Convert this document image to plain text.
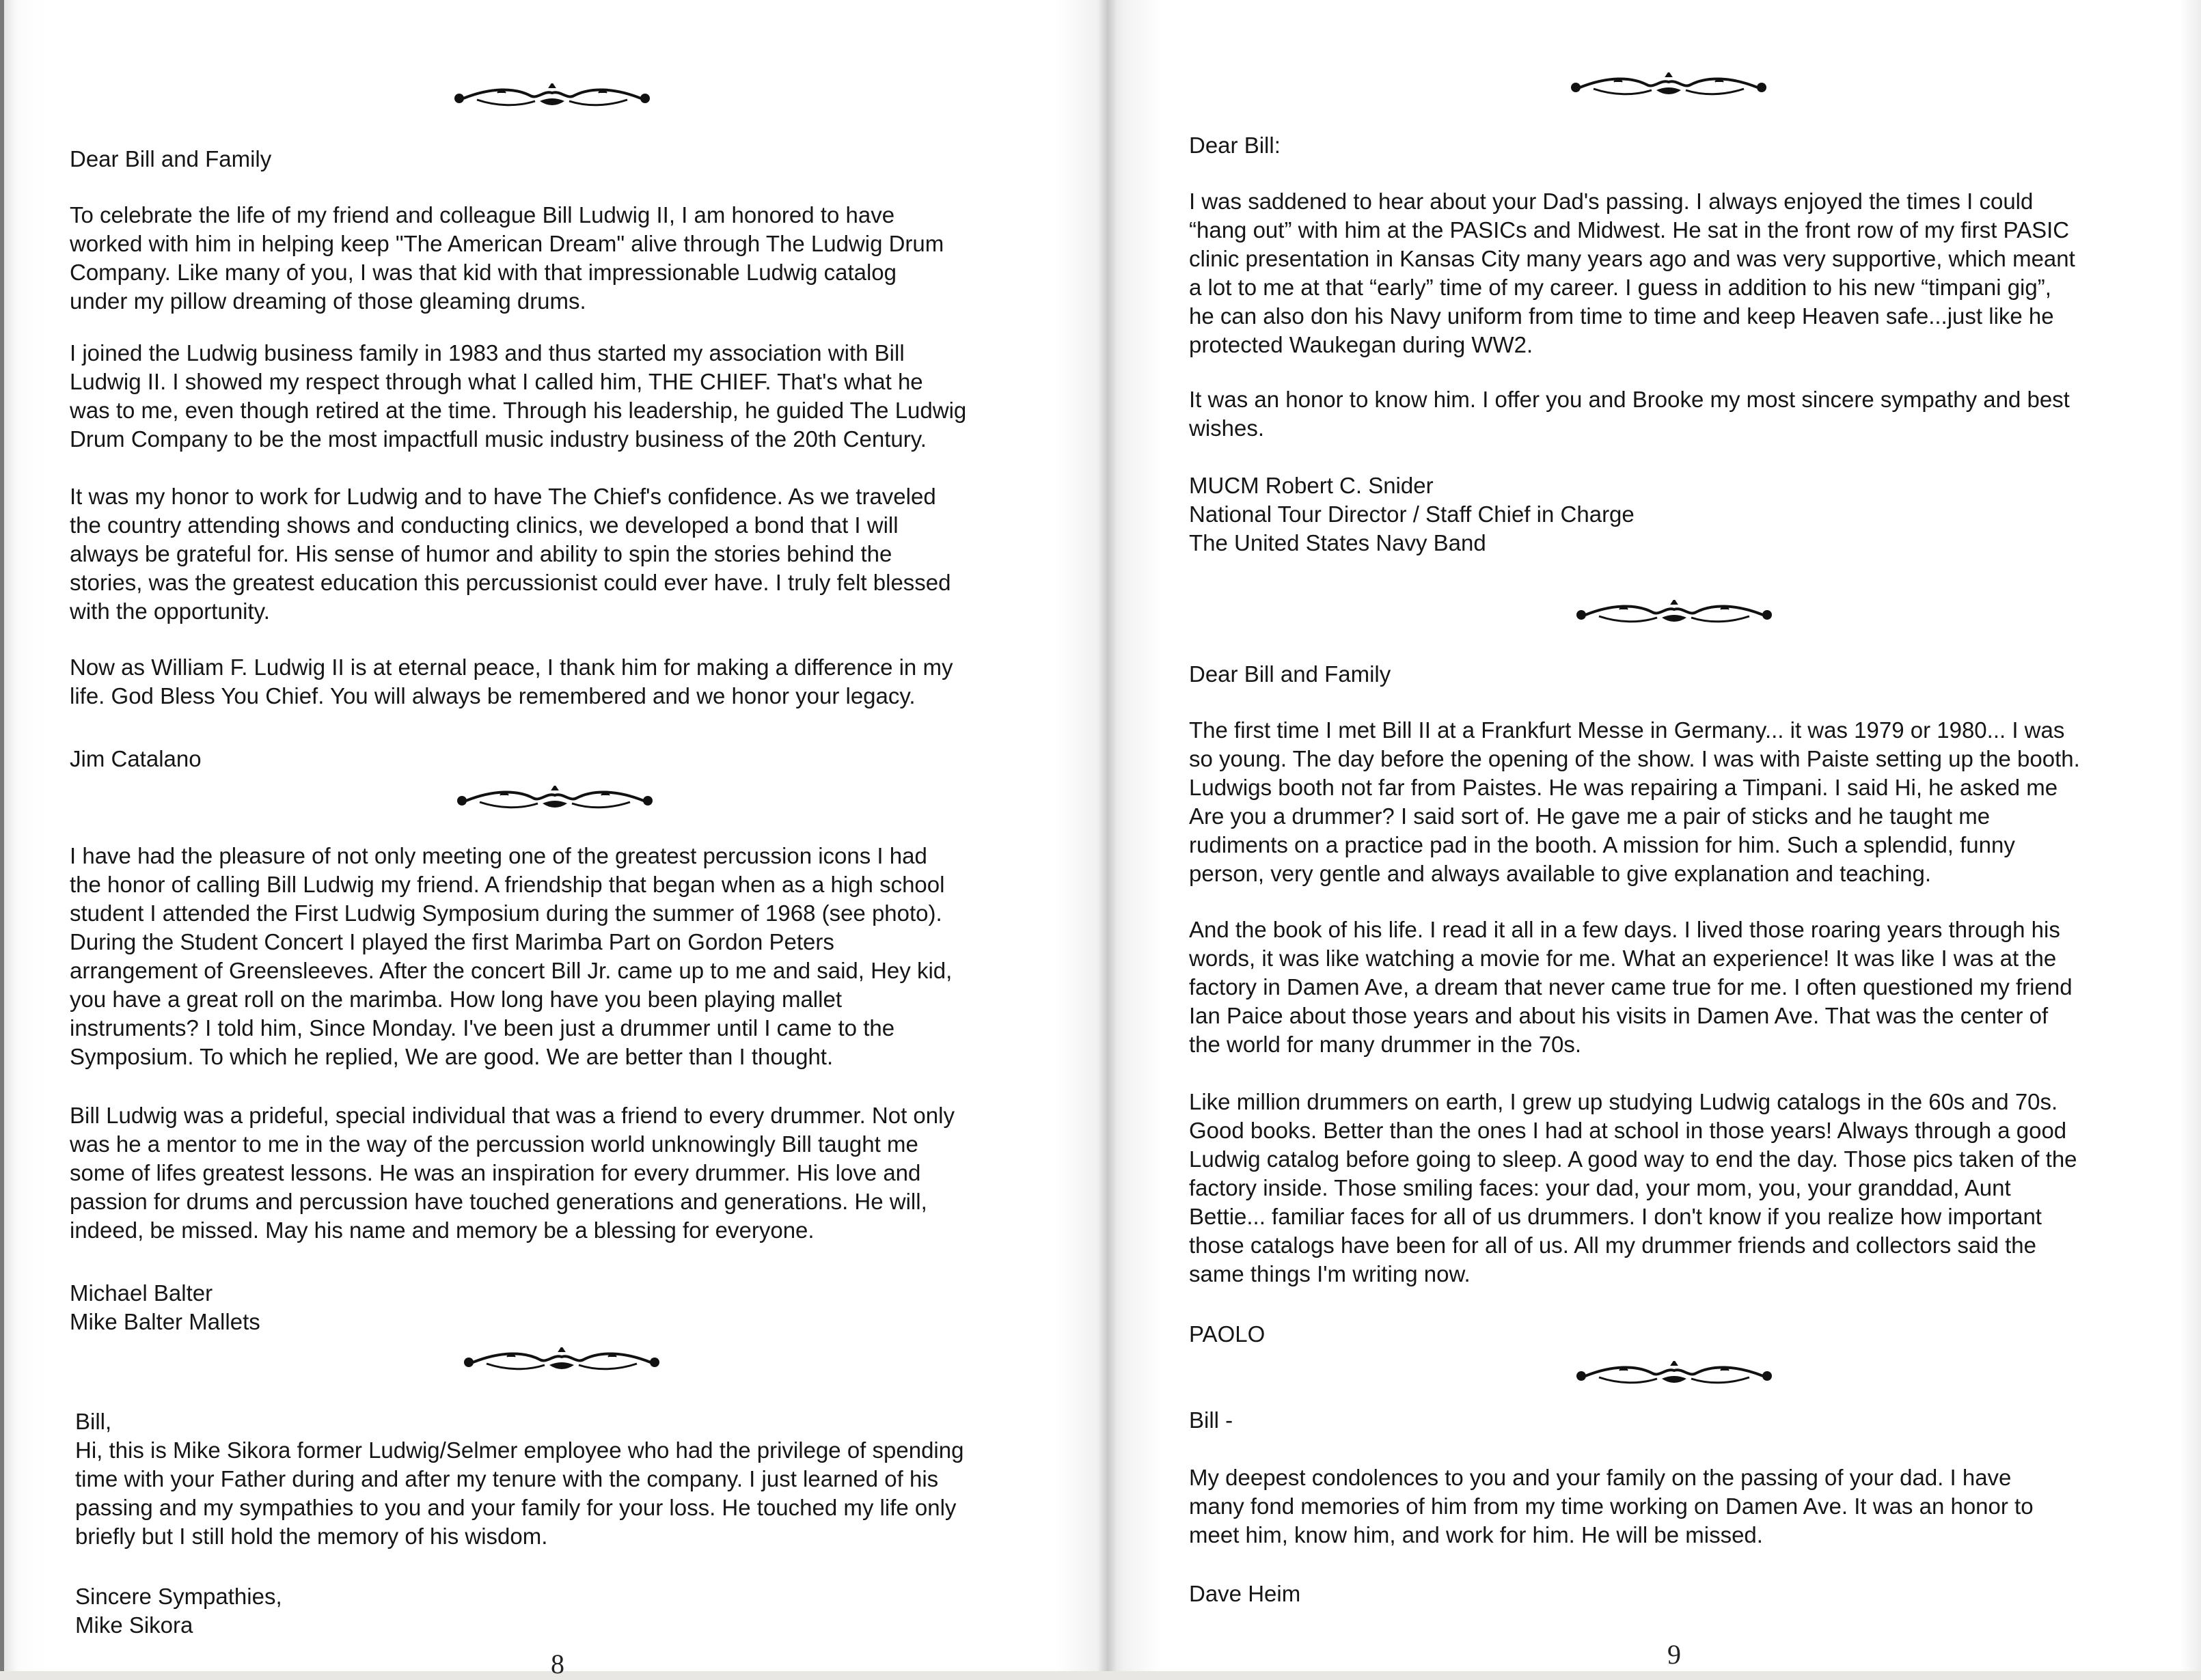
Dear Bill and Family

To celebrate the life of my friend and colleague Bill Ludwig II, I am honored to have

worked with him in helping keep "The American Dream" alive through The Ludwig Drum

Company. Like many of you, I was that kid with that impressionable Ludwig catalog

under my pillow dreaming of those gleaming drums.

I joined the Ludwig business family in 1983 and thus started my association with Bill

Ludwig II. I showed my respect through what I called him, THE CHIEF. That's what he

was to me, even though retired at the time. Through his leadership, he guided The Ludwig

Drum Company to be the most impactfull music industry business of the 20th Century.

It was my honor to work for Ludwig and to have The Chief's confidence. As we traveled

the country attending shows and conducting clinics, we developed a bond that I will

always be grateful for. His sense of humor and ability to spin the stories behind the

stories, was the greatest education this percussionist could ever have. I truly felt blessed

with the opportunity.

Now as William F. Ludwig II is at eternal peace, I thank him for making a difference in my

life. God Bless You Chief. You will always be remembered and we honor your legacy.

Jim Catalano

I have had the pleasure of not only meeting one of the greatest percussion icons I had

the honor of calling Bill Ludwig my friend. A friendship that began when as a high school

student I attended the First Ludwig Symposium during the summer of 1968 (see photo).

During the Student Concert I played the first Marimba Part on Gordon Peters

arrangement of Greensleeves. After the concert Bill Jr. came up to me and said, Hey kid,

you have a great roll on the marimba. How long have you been playing mallet

instruments? I told him, Since Monday. I've been just a drummer until I came to the

Symposium. To which he replied, We are good. We are better than I thought.

Bill Ludwig was a prideful, special individual that was a friend to every drummer. Not only

was he a mentor to me in the way of the percussion world unknowingly Bill taught me

some of lifes greatest lessons. He was an inspiration for every drummer. His love and

passion for drums and percussion have touched generations and generations. He will,

indeed, be missed. May his name and memory be a blessing for everyone.

Michael Balter

Mike Balter Mallets

Bill,

Hi, this is Mike Sikora former Ludwig/Selmer employee who had the privilege of spending

time with your Father during and after my tenure with the company. I just learned of his

passing and my sympathies to you and your family for your loss. He touched my life only

briefly but I still hold the memory of his wisdom.

Sincere Sympathies,

Mike Sikora

8

Dear Bill:

I was saddened to hear about your Dad's passing. I always enjoyed the times I could

“hang out” with him at the PASICs and Midwest. He sat in the front row of my first PASIC

clinic presentation in Kansas City many years ago and was very supportive, which meant

a lot to me at that “early” time of my career. I guess in addition to his new “timpani gig”,

he can also don his Navy uniform from time to time and keep Heaven safe...just like he

protected Waukegan during WW2.

It was an honor to know him. I offer you and Brooke my most sincere sympathy and best

wishes.

MUCM Robert C. Snider

National Tour Director / Staff Chief in Charge

The United States Navy Band

Dear Bill and Family

The first time I met Bill II at a Frankfurt Messe in Germany... it was 1979 or 1980... I was

so young. The day before the opening of the show. I was with Paiste setting up the booth.

Ludwigs booth not far from Paistes. He was repairing a Timpani. I said Hi, he asked me

Are you a drummer? I said sort of. He gave me a pair of sticks and he taught me

rudiments on a practice pad in the booth. A mission for him. Such a splendid, funny

person, very gentle and always available to give explanation and teaching.

And the book of his life. I read it all in a few days. I lived those roaring years through his

words, it was like watching a movie for me. What an experience! It was like I was at the

factory in Damen Ave, a dream that never came true for me. I often questioned my friend

Ian Paice about those years and about his visits in Damen Ave. That was the center of

the world for many drummer in the 70s.

Like million drummers on earth, I grew up studying Ludwig catalogs in the 60s and 70s.

Good books. Better than the ones I had at school in those years! Always through a good

Ludwig catalog before going to sleep. A good way to end the day. Those pics taken of the

factory inside. Those smiling faces: your dad, your mom, you, your granddad, Aunt

Bettie... familiar faces for all of us drummers. I don't know if you realize how important

those catalogs have been for all of us. All my drummer friends and collectors said the

same things I'm writing now.

PAOLO

Bill -

My deepest condolences to you and your family on the passing of your dad. I have

many fond memories of him from my time working on Damen Ave. It was an honor to

meet him, know him, and work for him. He will be missed.

Dave Heim

9
